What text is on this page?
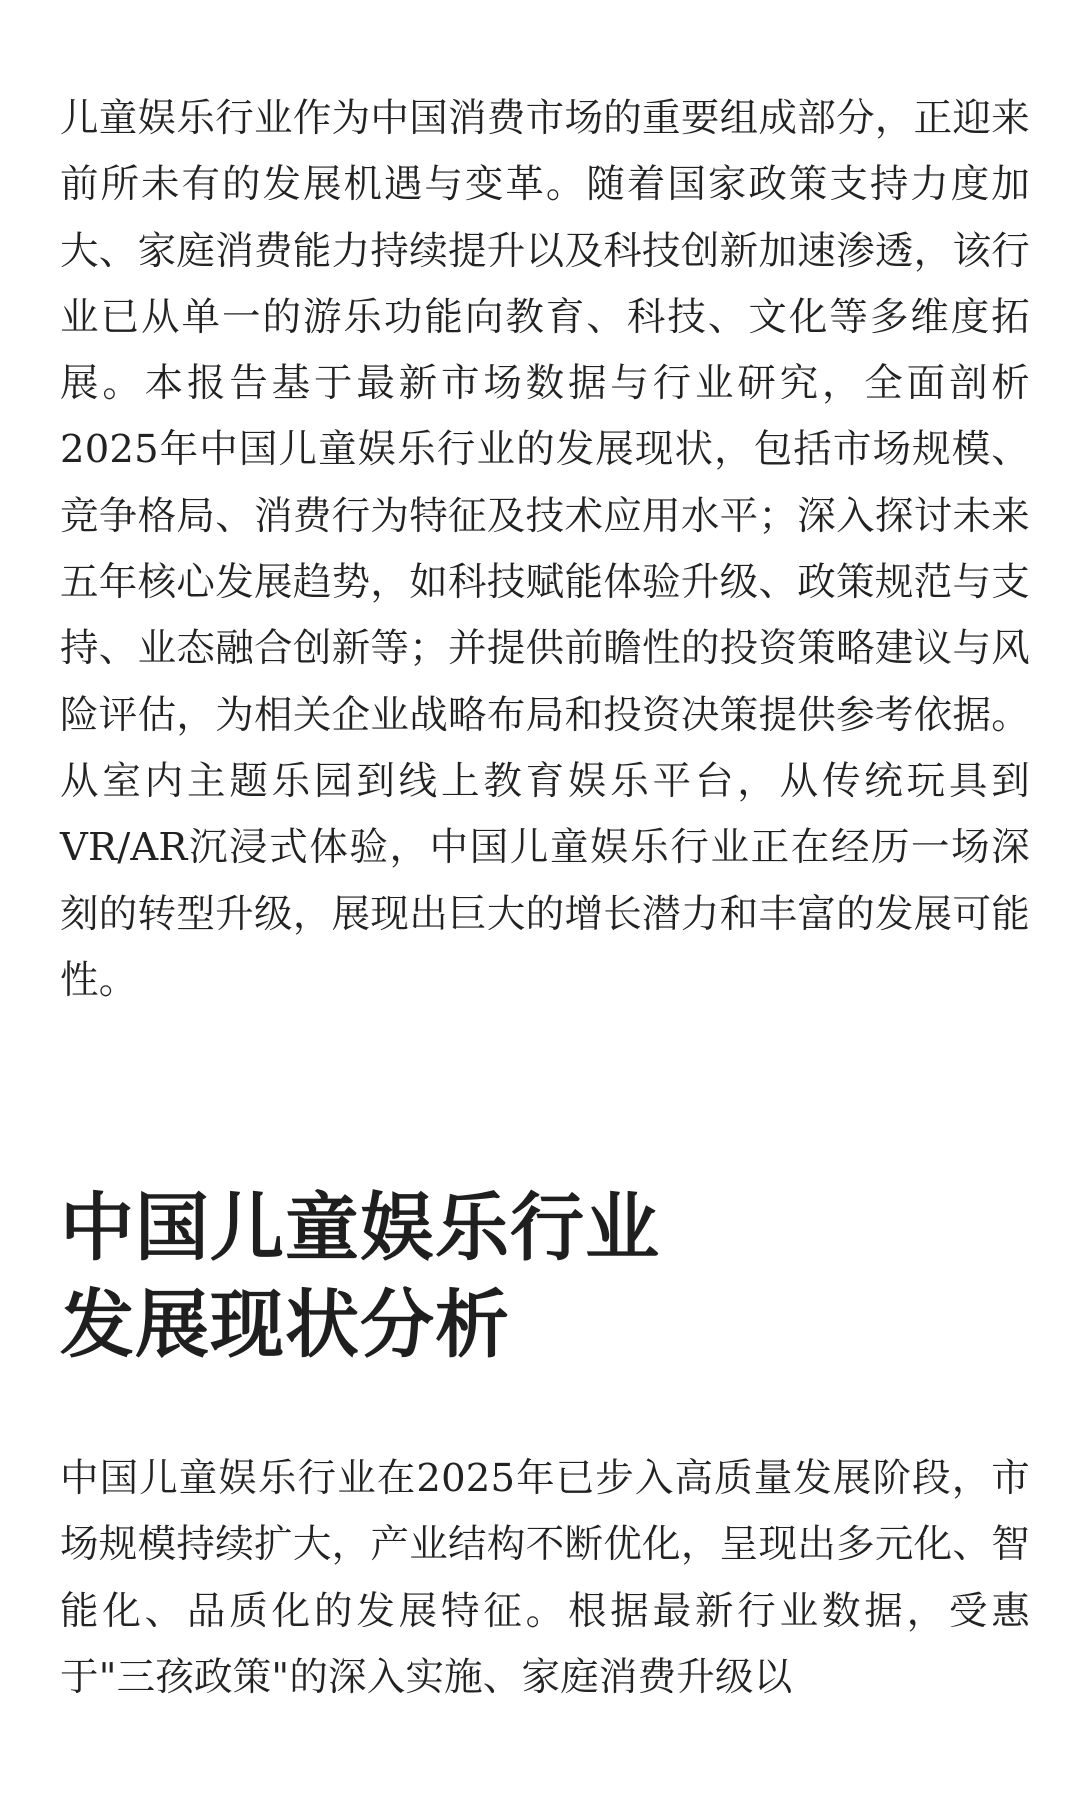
儿童娱乐行业作为中国消费市场的重要组成部分，正迎来前所未有的发展机遇与变革。随着国家政策支持力度加大、家庭消费能力持续提升以及科技创新加速渗透，该行业已从单一的游乐功能向教育、科技、文化等多维度拓展。本报告基于最新市场数据与行业研究，全面剖析2025年中国儿童娱乐行业的发展现状，包括市场规模、竞争格局、消费行为特征及技术应用水平；深入探讨未来五年核心发展趋势，如科技赋能体验升级、政策规范与支持、业态融合创新等；并提供前瞻性的投资策略建议与风险评估，为相关企业战略布局和投资决策提供参考依据。从室内主题乐园到线上教育娱乐平台，从传统玩具到VR/AR沉浸式体验，中国儿童娱乐行业正在经历一场深刻的转型升级，展现出巨大的增长潜力和丰富的发展可能性。

中国儿童娱乐行业
发展现状分析

中国儿童娱乐行业在2025年已步入高质量发展阶段，市场规模持续扩大，产业结构不断优化，呈现出多元化、智能化、品质化的发展特征。根据最新行业数据，受惠于"三孩政策"的深入实施、家庭消费升级以
